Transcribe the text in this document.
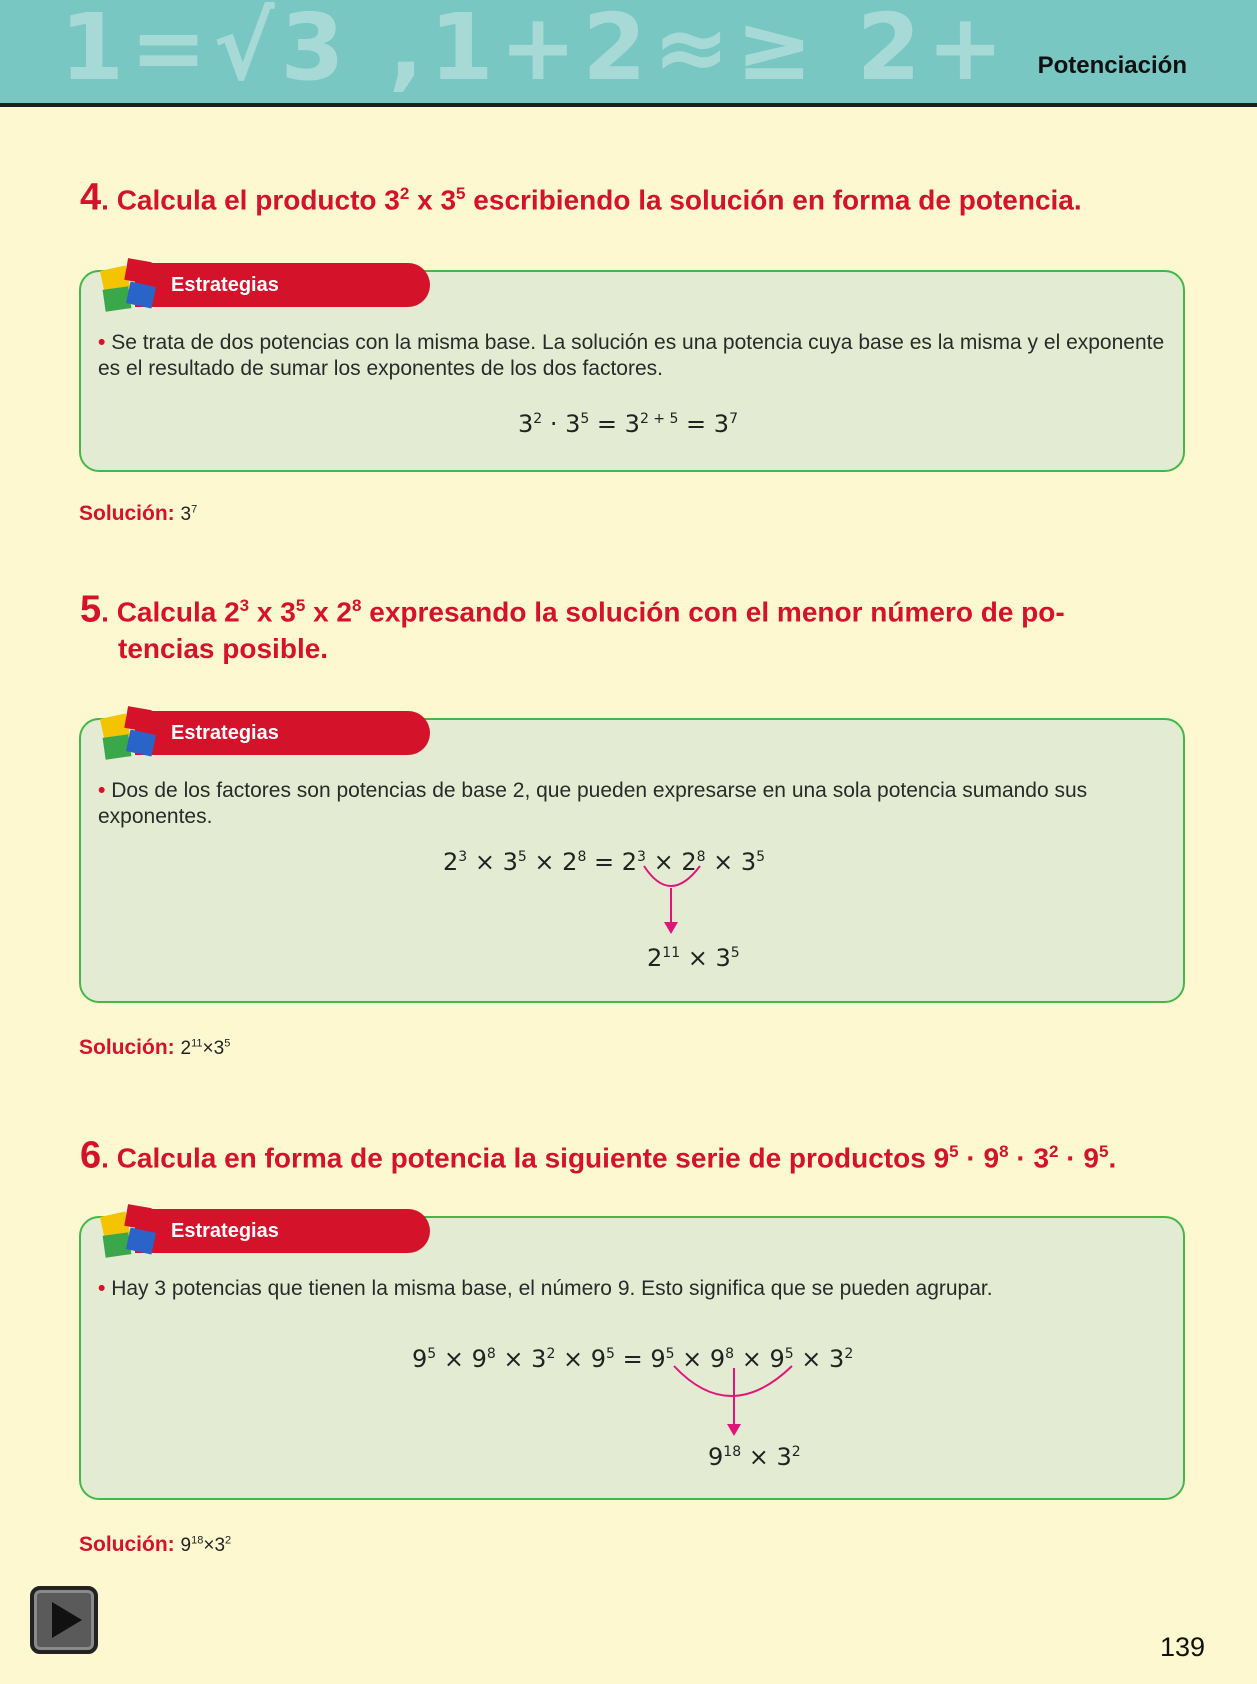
1=√3 ,1+2≈≥ 2+ Potenciación
4. Calcula el producto $3^2$ x $3^5$ escribiendo la solución en forma de potencia.
Estrategias
• Se trata de dos potencias con la misma base. La solución es una potencia cuya base es la misma y el exponente es el resultado de sumar los exponentes de los dos factores.
$3^2 \cdot 3^5 = 3^{2 + 5} = 3^7$
Solución: $3^7$
5. Calcula $2^3$ x $3^5$ x $2^8$ expresando la solución con el menor número de po-
tencias posible.
Estrategias
• Dos de los factores son potencias de base 2, que pueden expresarse en una sola potencia sumando sus exponentes.
$2^3 \times 3^5 \times 2^8 = 2^3 \times 2^8 \times 3^5$
$2^{11} \times 3^5$
Solución: $2^{11}\times 3^5$
6. Calcula en forma de potencia la siguiente serie de productos $9^5 \cdot 9^8 \cdot 3^2 \cdot 9^5$.
Estrategias
• Hay 3 potencias que tienen la misma base, el número 9. Esto significa que se pueden agrupar.
$9^5 \times 9^8 \times 3^2 \times 9^5 = 9^5 \times 9^8 \times 9^5 \times 3^2$
$9^{18} \times 3^2$
Solución: $9^{18}\times 3^2$
139
